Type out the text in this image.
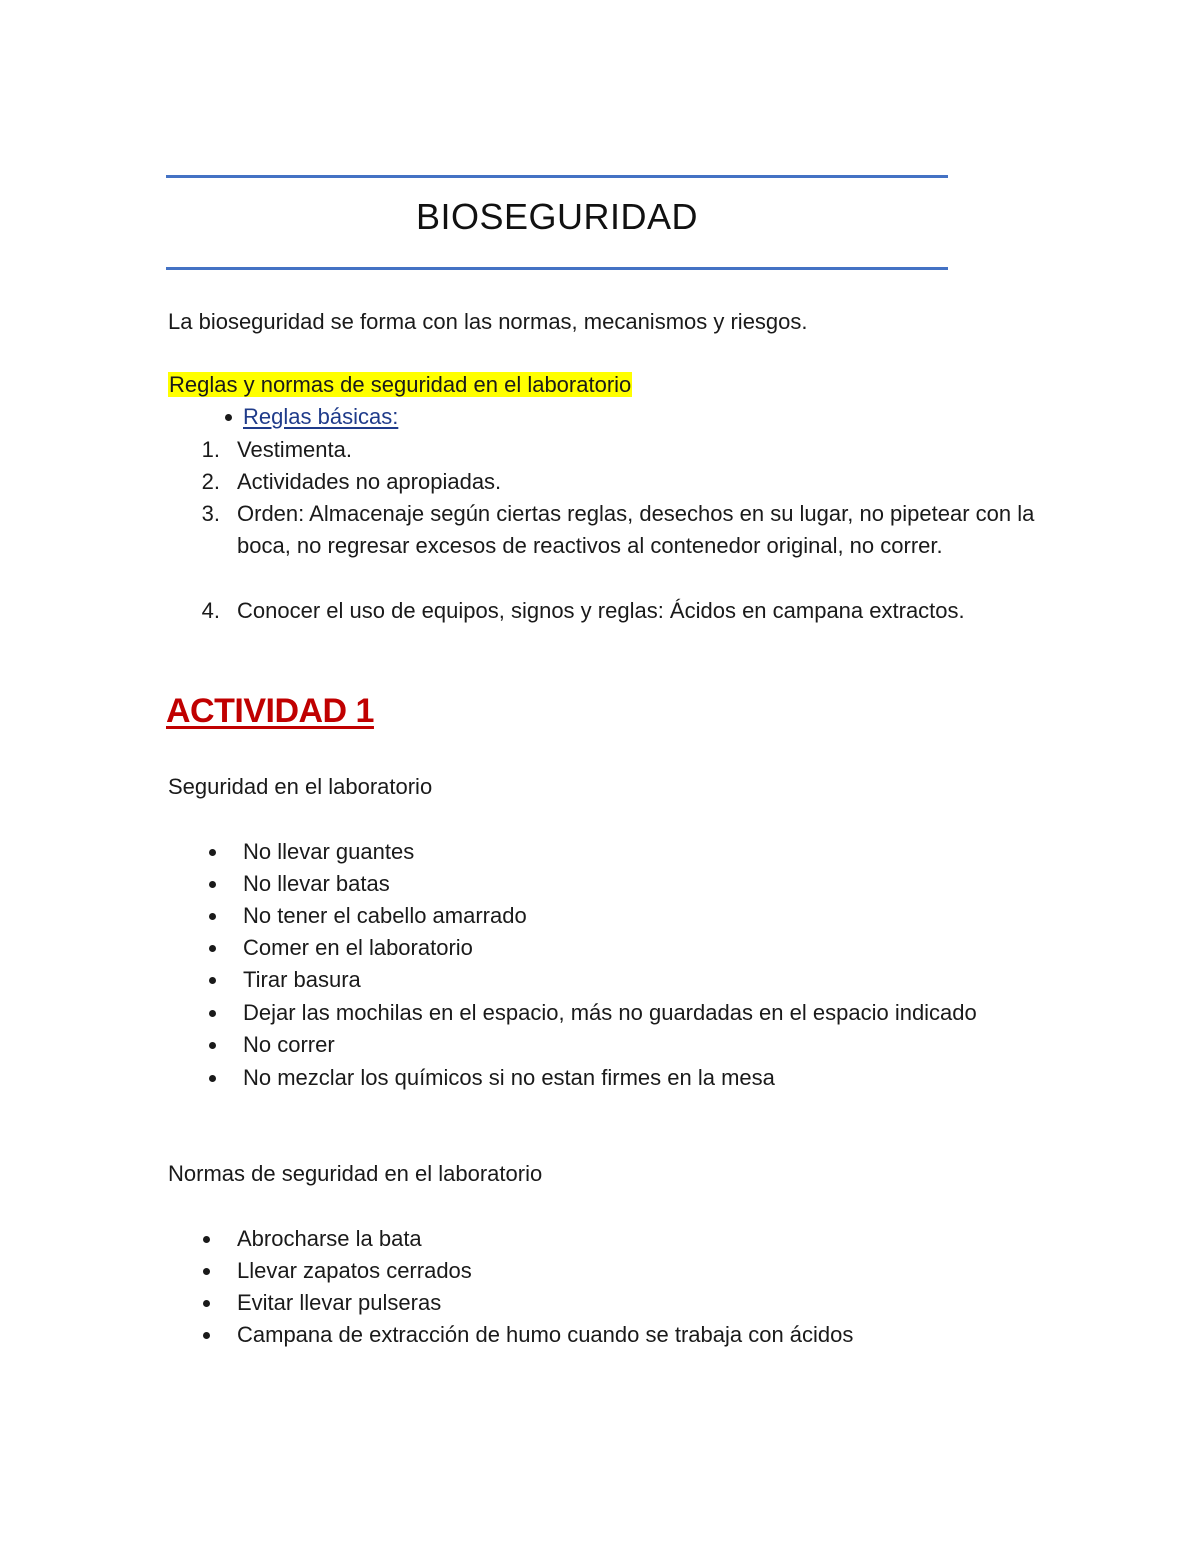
BIOSEGURIDAD
La bioseguridad se forma con las normas, mecanismos y riesgos.
Reglas y normas de seguridad en el laboratorio
Reglas básicas:
1. Vestimenta.
2. Actividades no apropiadas.
3. Orden: Almacenaje según ciertas reglas, desechos en su lugar, no pipetear con la boca, no regresar excesos de reactivos al contenedor original, no correr.
4. Conocer el uso de equipos, signos y reglas: Ácidos en campana extractos.
ACTIVIDAD 1
Seguridad en el laboratorio
No llevar guantes
No llevar batas
No tener el cabello amarrado
Comer en el laboratorio
Tirar basura
Dejar las mochilas en el espacio, más no guardadas en el espacio indicado
No correr
No mezclar los químicos si no estan firmes en la mesa
Normas de seguridad en el laboratorio
Abrocharse la bata
Llevar zapatos cerrados
Evitar llevar pulseras
Campana de extracción de humo cuando se trabaja con ácidos
